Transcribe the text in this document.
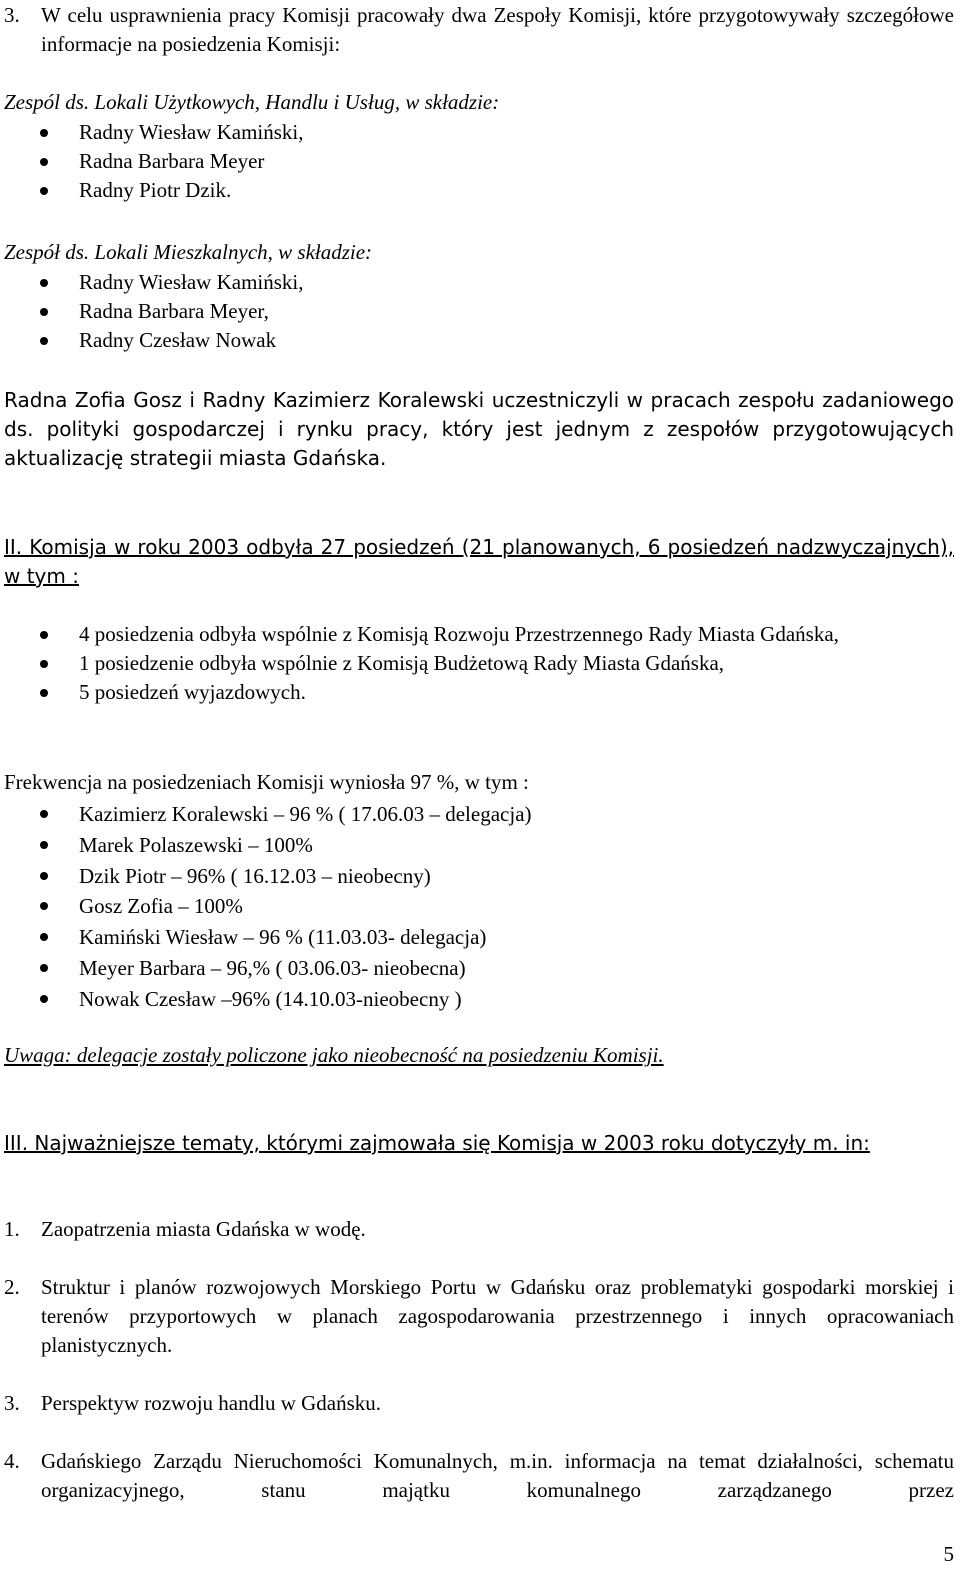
3. W celu usprawnienia pracy Komisji pracowały dwa Zespoły Komisji, które przygotowywały szczegółowe informacje na posiedzenia Komisji:

Zespól ds. Lokali Użytkowych, Handlu i Usług, w składzie:

Radny Wiesław Kamiński,
Radna Barbara Meyer
Radny Piotr Dzik.

Zespół ds. Lokali Mieszkalnych, w składzie:

Radny Wiesław Kamiński,
Radna Barbara Meyer,
Radny Czesław Nowak

Radna Zofia Gosz i Radny Kazimierz Koralewski uczestniczyli w pracach zespołu zadaniowego ds. polityki gospodarczej i rynku pracy, który jest jednym z zespołów przygotowujących aktualizację strategii miasta Gdańska.

II. Komisja w roku 2003 odbyła 27 posiedzeń (21 planowanych, 6 posiedzeń nadzwyczajnych), w tym :

4 posiedzenia odbyła wspólnie z Komisją Rozwoju Przestrzennego Rady Miasta Gdańska,
1 posiedzenie odbyła wspólnie z Komisją Budżetową Rady Miasta Gdańska,
5 posiedzeń wyjazdowych.

Frekwencja na posiedzeniach Komisji wyniosła 97 %, w tym :

Kazimierz Koralewski – 96 % ( 17.06.03 – delegacja)
Marek Polaszewski – 100%
Dzik Piotr – 96% ( 16.12.03 – nieobecny)
Gosz Zofia – 100%
Kamiński Wiesław – 96 % (11.03.03- delegacja)
Meyer Barbara – 96,% ( 03.06.03- nieobecna)
Nowak Czesław –96% (14.10.03-nieobecny )

Uwaga: delegacje zostały policzone jako nieobecność na posiedzeniu Komisji.

III. Najważniejsze tematy, którymi zajmowała się Komisja w 2003 roku dotyczyły m. in:

1. Zaopatrzenia miasta Gdańska w wodę.
2. Struktur i planów rozwojowych Morskiego Portu w Gdańsku oraz problematyki gospodarki morskiej i terenów przyportowych w planach zagospodarowania przestrzennego i innych opracowaniach planistycznych.
3. Perspektyw rozwoju handlu w Gdańsku.
4. Gdańskiego Zarządu Nieruchomości Komunalnych, m.in. informacja na temat działalności, schematu organizacyjnego, stanu majątku komunalnego zarządzanego przez
5
